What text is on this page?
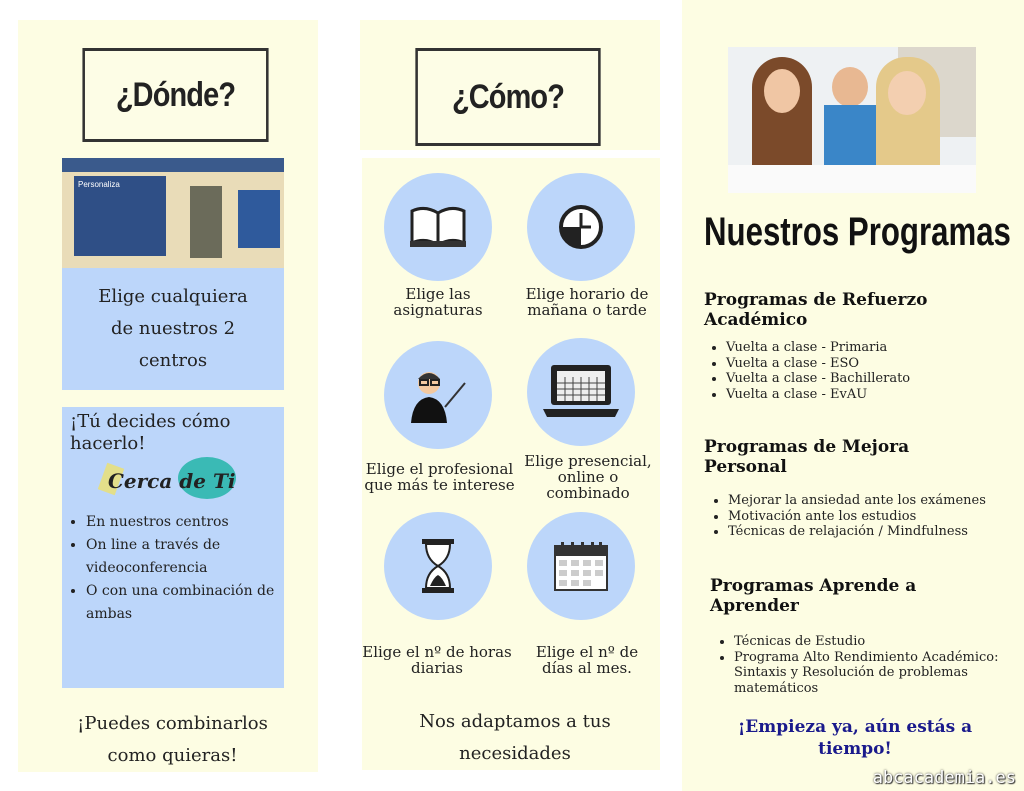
¿Dónde?
Personaliza
Elige cualquiera de nuestros 2 centros
¡Tú decides cómo hacerlo!
Cerca de Ti
• En nuestros centros
• On line a través de videoconferencia
• O con una combinación de ambas
¡Puedes combinarlos como quieras!
¿Cómo?
Elige las asignaturas
Elige horario de mañana o tarde
Elige el profesional que más te interese
Elige presencial, online o combinado
Elige el nº de horas diarias
Elige el nº de días al mes.
Nos adaptamos a tus necesidades
Nuestros Programas
Programas de Refuerzo Académico
• Vuelta a clase - Primaria
• Vuelta a clase - ESO
• Vuelta a clase - Bachillerato
• Vuelta a clase - EvAU
Programas de Mejora Personal
• Mejorar la ansiedad ante los exámenes
• Motivación ante los estudios
• Técnicas de relajación / Mindfulness
Programas Aprende a Aprender
• Técnicas de Estudio
• Programa Alto Rendimiento Académico: Sintaxis y Resolución de problemas matemáticos
¡Empieza ya, aún estás a tiempo!
abcacademia.es
